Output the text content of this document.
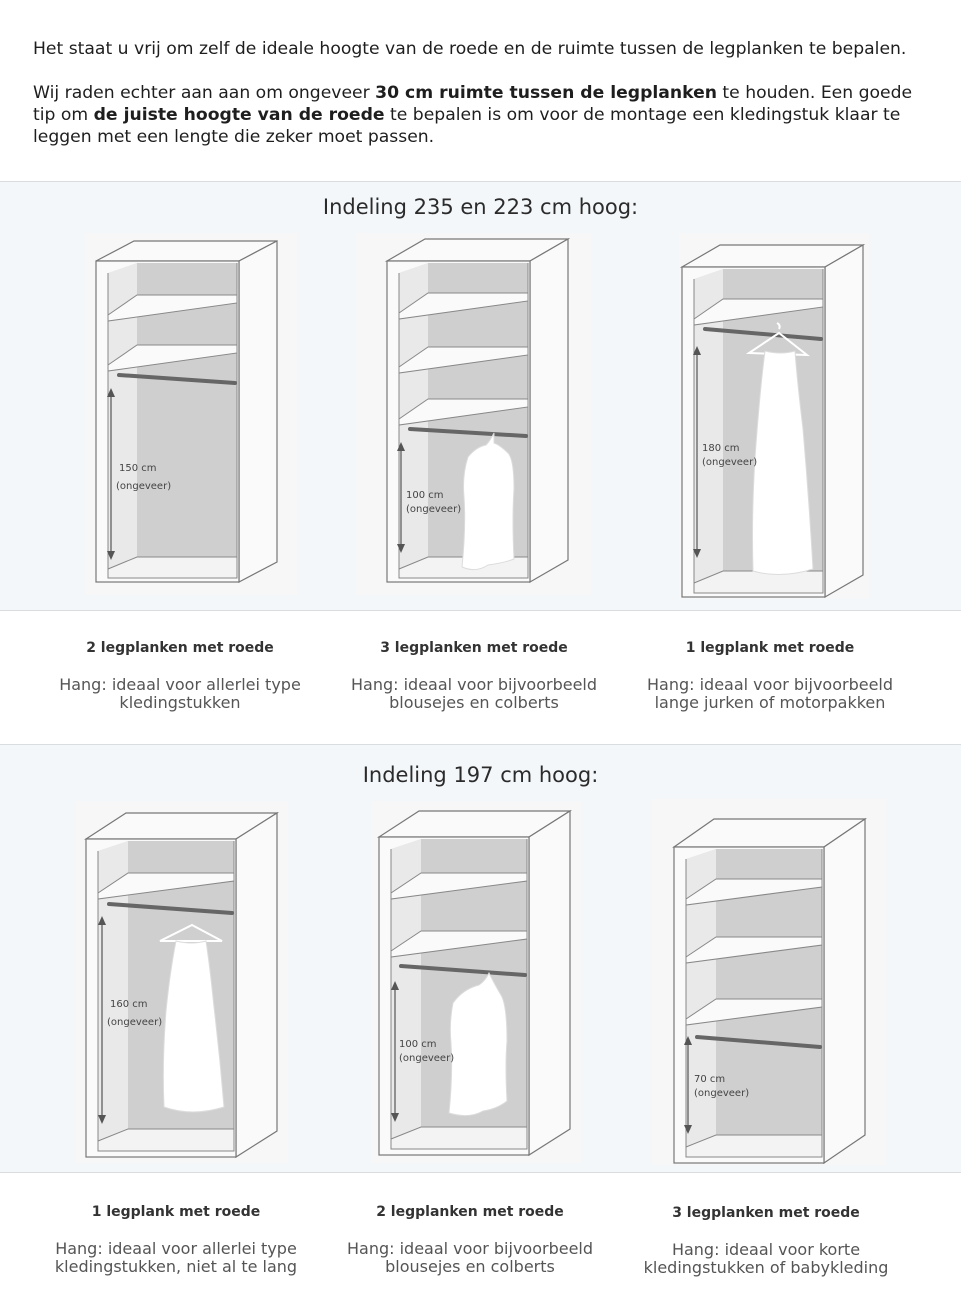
Het staat u vrij om zelf de ideale hoogte van de roede en de ruimte tussen de legplanken te bepalen.

Wij raden echter aan aan om ongeveer 30 cm ruimte tussen de legplanken te houden. Een goede tip om de juiste hoogte van de roede te bepalen is om voor de montage een kledingstuk klaar te leggen met een lengte die zeker moet passen.

Indeling 235 en 223 cm hoog:
150 cm
(ongeveer)
100 cm
(ongeveer)
180 cm
(ongeveer)
2 legplanken met roede
Hang: ideaal voor allerlei type
kledingstukken
3 legplanken met roede
Hang: ideaal voor bijvoorbeeld
blousejes en colberts
1 legplank met roede
Hang: ideaal voor bijvoorbeeld
lange jurken of motorpakken
Indeling 197 cm hoog:
160 cm
(ongeveer)
100 cm
(ongeveer)
70 cm
(ongeveer)
1 legplank met roede
Hang: ideaal voor allerlei type
kledingstukken, niet al te lang
2 legplanken met roede
Hang: ideaal voor bijvoorbeeld
blousejes en colberts
3 legplanken met roede
Hang: ideaal voor korte
kledingstukken of babykleding
